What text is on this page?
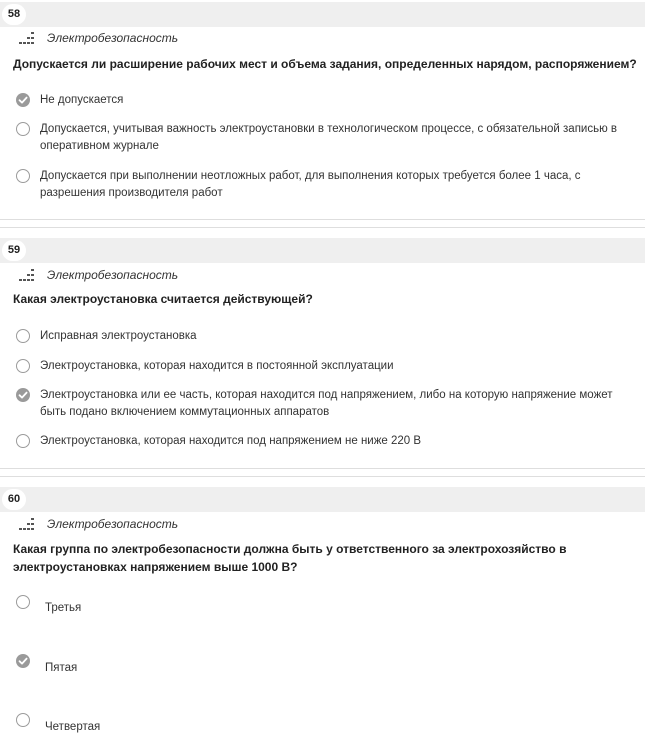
58
Электробезопасность
Допускается ли расширение рабочих мест и объема задания, определенных нарядом, распоряжением?
Не допускается
Допускается, учитывая важность электроустановки в технологическом процессе, с обязательной записью в оперативном журнале
Допускается при выполнении неотложных работ, для выполнения которых требуется более 1 часа, с разрешения производителя работ
59
Электробезопасность
Какая электроустановка считается действующей?
Исправная электроустановка
Электроустановка, которая находится в постоянной эксплуатации
Электроустановка или ее часть, которая находится под напряжением, либо на которую напряжение может быть подано включением коммутационных аппаратов
Электроустановка, которая находится под напряжением не ниже 220 В
60
Электробезопасность
Какая группа по электробезопасности должна быть у ответственного за электрохозяйство в электроустановках напряжением выше 1000 В?
Третья
Пятая
Четвертая
